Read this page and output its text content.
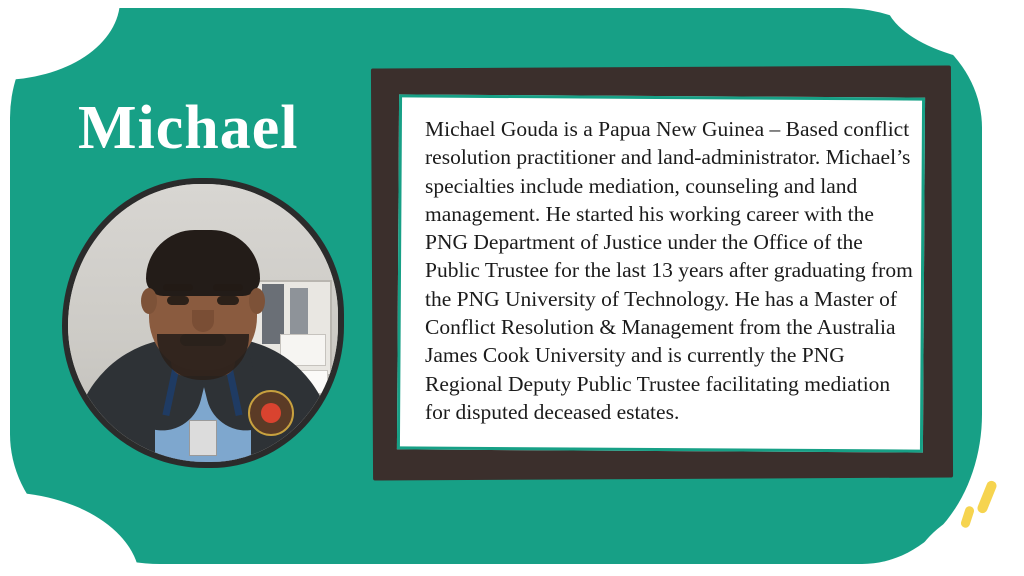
Michael	Michael Gouda is a Papua New Guinea – Based conflict resolution practitioner and land-administrator. Michael’s specialties include mediation, counseling and land management. He started his working career with the PNG Department of Justice under the Office of the Public Trustee for the last 13 years after graduating from the PNG University of Technology. He has a Master of Conflict Resolution & Management from the Australia James Cook University and is currently the PNG Regional Deputy Public Trustee facilitating mediation for disputed deceased estates.
